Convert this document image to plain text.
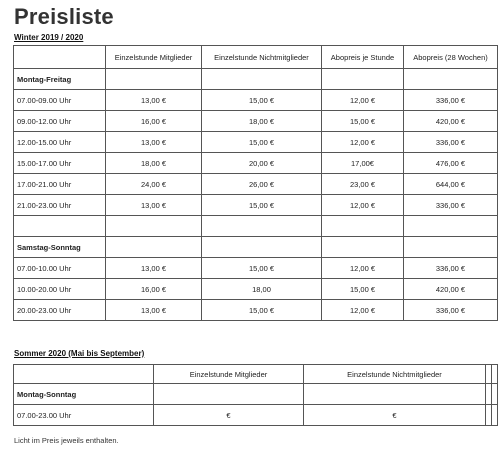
Preisliste
Winter 2019 / 2020
	Einzelstunde Mitglieder	Einzelstunde Nichtmitglieder	Abopreis je Stunde	Abopreis (28 Wochen)
Montag-Freitag				
07.00-09.00 Uhr	13,00 €	15,00 €	12,00 €	336,00 €
09.00-12.00 Uhr	16,00 €	18,00 €	15,00 €	420,00 €
12.00-15.00 Uhr	13,00 €	15,00 €	12,00 €	336,00 €
15.00-17.00 Uhr	18,00 €	20,00 €	17,00€	476,00 €
17.00-21.00 Uhr	24,00 €	26,00 €	23,00 €	644,00 €
21.00-23.00 Uhr	13,00 €	15,00 €	12,00 €	336,00 €

Samstag-Sonntag				
07.00-10.00 Uhr	13,00 €	15,00 €	12,00 €	336,00 €
10.00-20.00 Uhr	16,00 €	18,00	15,00 €	420,00 €
20.00-23.00 Uhr	13,00 €	15,00 €	12,00 €	336,00 €
Sommer 2020 (Mai bis September)
	Einzelstunde Mitglieder	Einzelstunde Nichtmitglieder		
Montag-Sonntag				
07.00-23.00 Uhr	€	€		
Licht im Preis jeweils enthalten.
